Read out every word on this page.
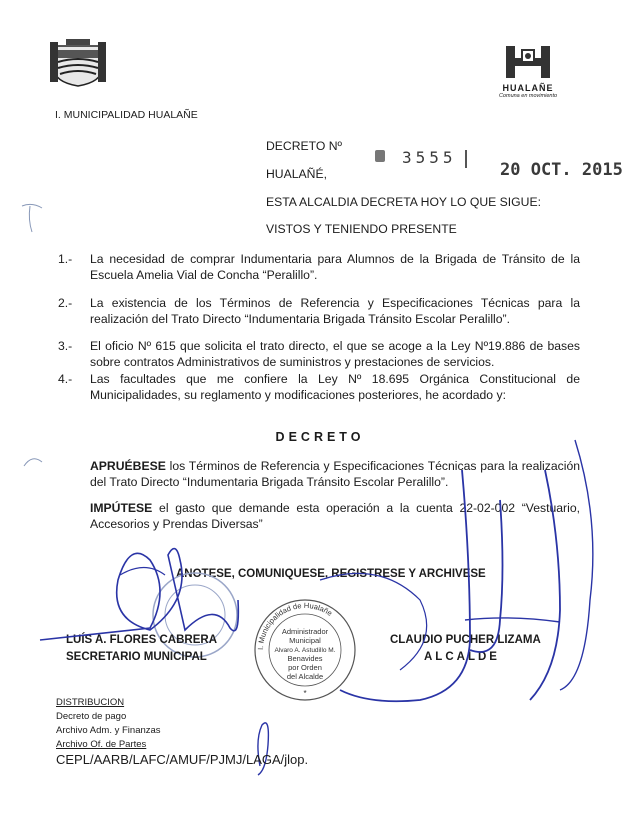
I. MUNICIPALIDAD HUALAÑE
HUALAÑE
Comuna en movimiento
DECRETO Nº
HUALAÑÉ,
3555
20 OCT. 2015
ESTA ALCALDIA DECRETA HOY LO QUE SIGUE:
VISTOS Y TENIENDO PRESENTE
1.-	La necesidad de comprar Indumentaria para Alumnos de la Brigada de Tránsito de la Escuela Amelia Vial de Concha “Peralillo”.
2.-	La existencia de los Términos de Referencia y Especificaciones Técnicas para la realización del Trato Directo “Indumentaria Brigada Tránsito Escolar Peralillo”.
3.-	El oficio Nº 615 que solicita el trato directo, el que se acoge a la Ley Nº19.886 de bases sobre contratos Administrativos de suministros y prestaciones de servicios.
4.-	Las facultades que me confiere la Ley Nº 18.695 Orgánica Constitucional de Municipalidades, su reglamento y modificaciones posteriores, he acordado y:
DECRETO
APRUÉBESE los Términos de Referencia y Especificaciones Técnicas para la realización del Trato Directo “Indumentaria Brigada Tránsito Escolar Peralillo”.
IMPÚTESE el gasto que demande esta operación a la cuenta 22-02-002 “Vestuario, Accesorios y Prendas Diversas”
ANOTESE, COMUNIQUESE, REGISTRESE Y ARCHIVESE
I. Municipalidad de Hualañe
Administrador
Municipal
Alvaro A. Astudillo M.
Benavides
por Orden
del Alcalde
*
LUÍS A. FLORES CABRERA
SECRETARIO MUNICIPAL
CLAUDIO PUCHER LIZAMA
ALCALDE
DISTRIBUCION
Decreto de pago
Archivo Adm. y Finanzas
Archivo Of. de Partes
CEPL/AARB/LAFC/AMUF/PJMJ/LAGA/jlop.
